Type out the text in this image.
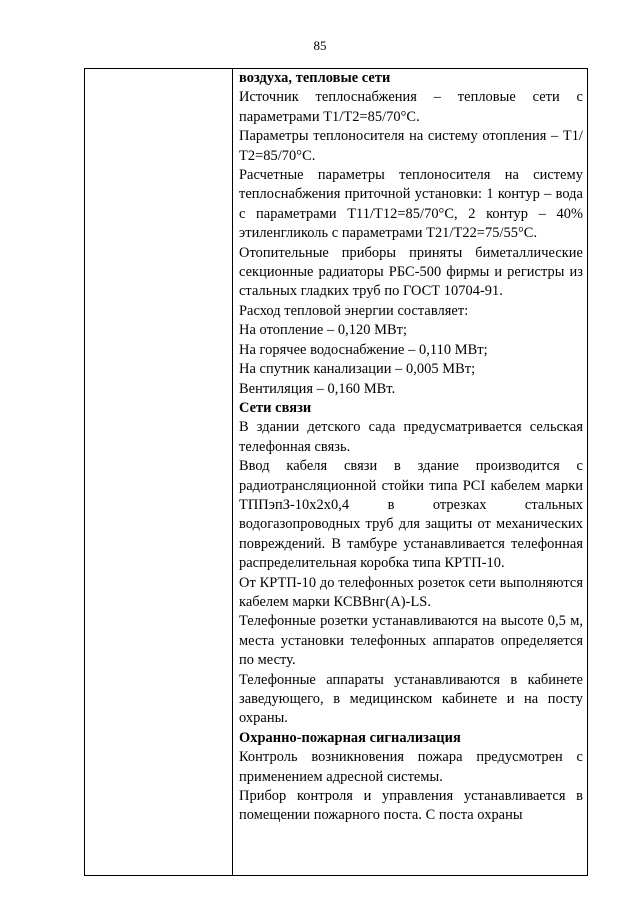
85

воздуха, тепловые сети

Источник теплоснабжения – тепловые сети с параметрами Т1/Т2=85/70°С.

Параметры теплоносителя на систему отопления – Т1/Т2=85/70°С.

Расчетные параметры теплоносителя на систему теплоснабжения приточной установки: 1 контур – вода с параметрами Т11/Т12=85/70°С, 2 контур – 40% этиленгликоль с параметрами Т21/Т22=75/55°С.

Отопительные приборы приняты биметаллические секционные радиаторы РБС-500 фирмы и регистры из стальных гладких труб по ГОСТ 10704-91.

Расход тепловой энергии составляет:

На отопление – 0,120 МВт;

На горячее водоснабжение – 0,110 МВт;

На спутник канализации – 0,005 МВт;

Вентиляция – 0,160 МВт.

Сети связи

В здании детского сада предусматривается сельская телефонная связь.

Ввод кабеля связи в здание производится с радиотрансляционной стойки типа PCI кабелем марки ТППэпЗ-10х2х0,4 в отрезках стальных водогазопроводных труб для защиты от механических повреждений. В тамбуре устанавливается телефонная распределительная коробка типа КРТП-10.

От КРТП-10 до телефонных розеток сети выполняются кабелем марки КСВВнг(А)-LS.

Телефонные розетки устанавливаются на высоте 0,5 м, места установки телефонных аппаратов определяется по месту.

Телефонные аппараты устанавливаются в кабинете заведующего, в медицинском кабинете и на посту охраны.

Охранно-пожарная сигнализация

Контроль возникновения пожара предусмотрен с применением адресной системы.

Прибор контроля и управления устанавливается в помещении пожарного поста. С поста охраны
